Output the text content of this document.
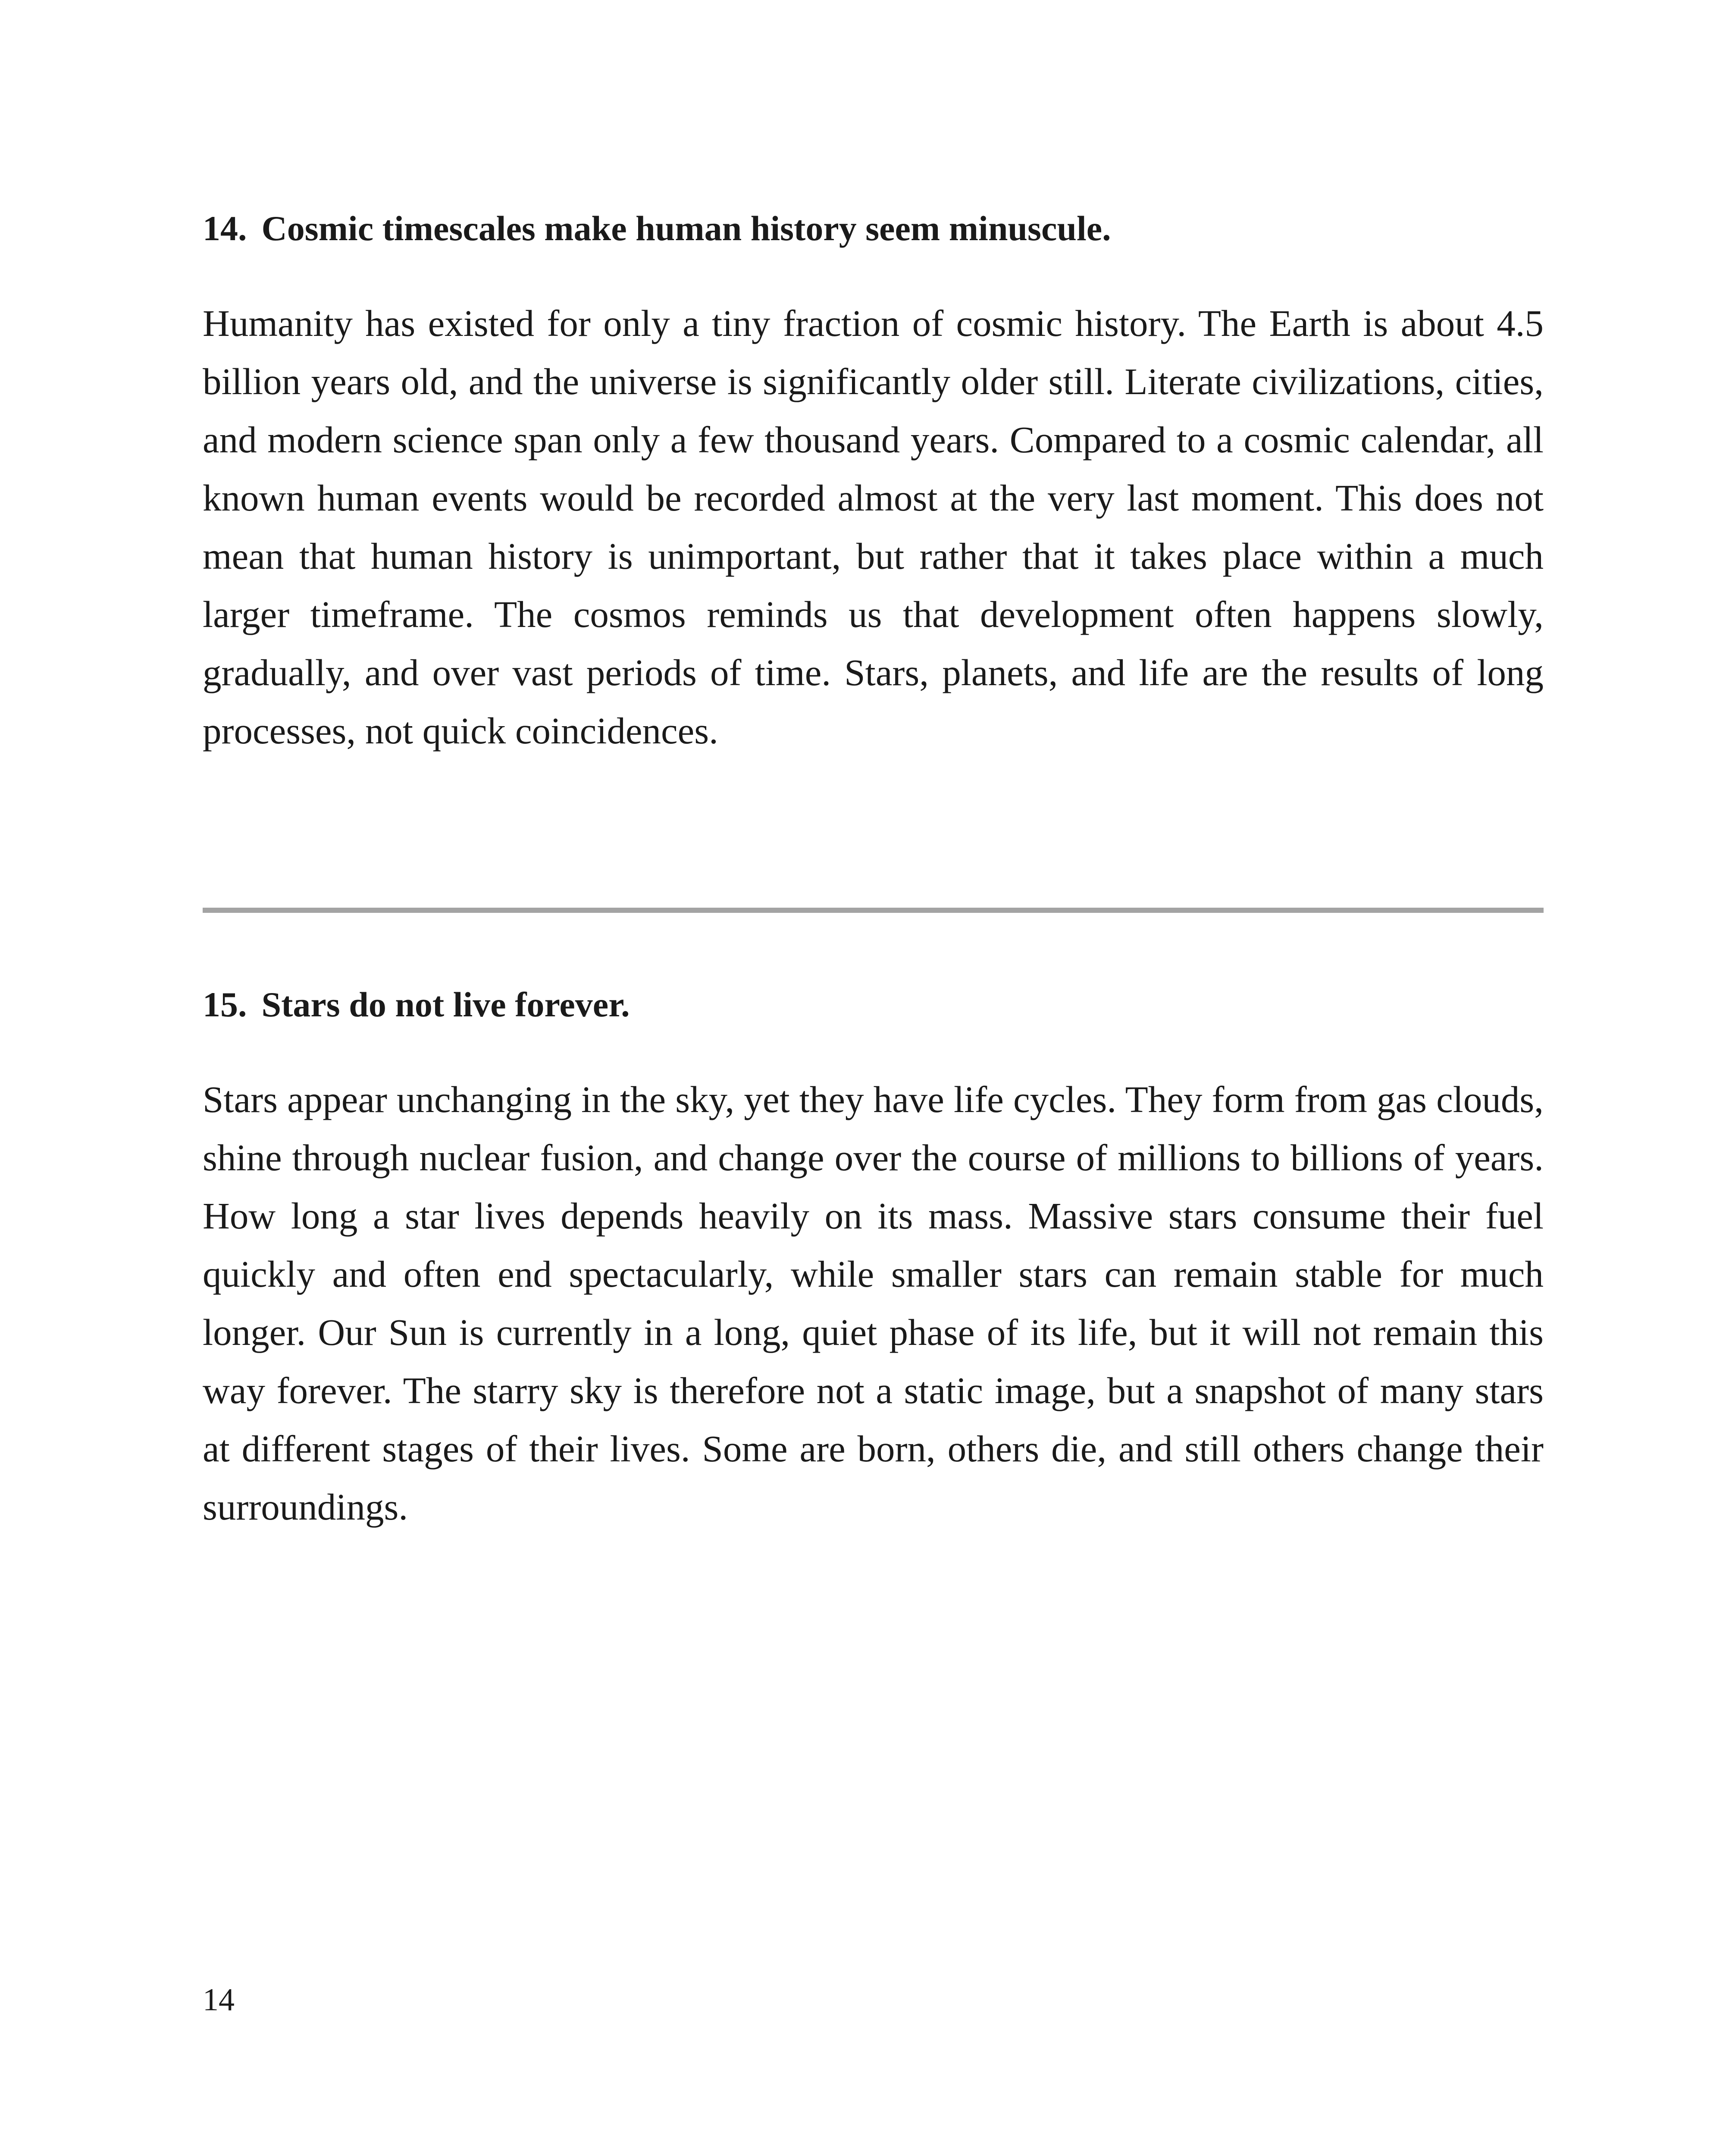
14. Cosmic timescales make human history seem minuscule.

Humanity has existed for only a tiny fraction of cosmic history. The Earth is about 4.5 billion years old, and the universe is significantly older still. Literate civilizations, cities, and modern science span only a few thousand years. Compared to a cosmic calendar, all known human events would be recorded almost at the very last moment. This does not mean that human history is unimportant, but rather that it takes place within a much larger timeframe. The cosmos reminds us that development often happens slowly, gradually, and over vast periods of time. Stars, planets, and life are the results of long processes, not quick coincidences.

15. Stars do not live forever.

Stars appear unchanging in the sky, yet they have life cycles. They form from gas clouds, shine through nuclear fusion, and change over the course of millions to billions of years. How long a star lives depends heavily on its mass. Massive stars consume their fuel quickly and often end spectacularly, while smaller stars can remain stable for much longer. Our Sun is currently in a long, quiet phase of its life, but it will not remain this way forever. The starry sky is therefore not a static image, but a snapshot of many stars at different stages of their lives. Some are born, others die, and still others change their surroundings.

14
